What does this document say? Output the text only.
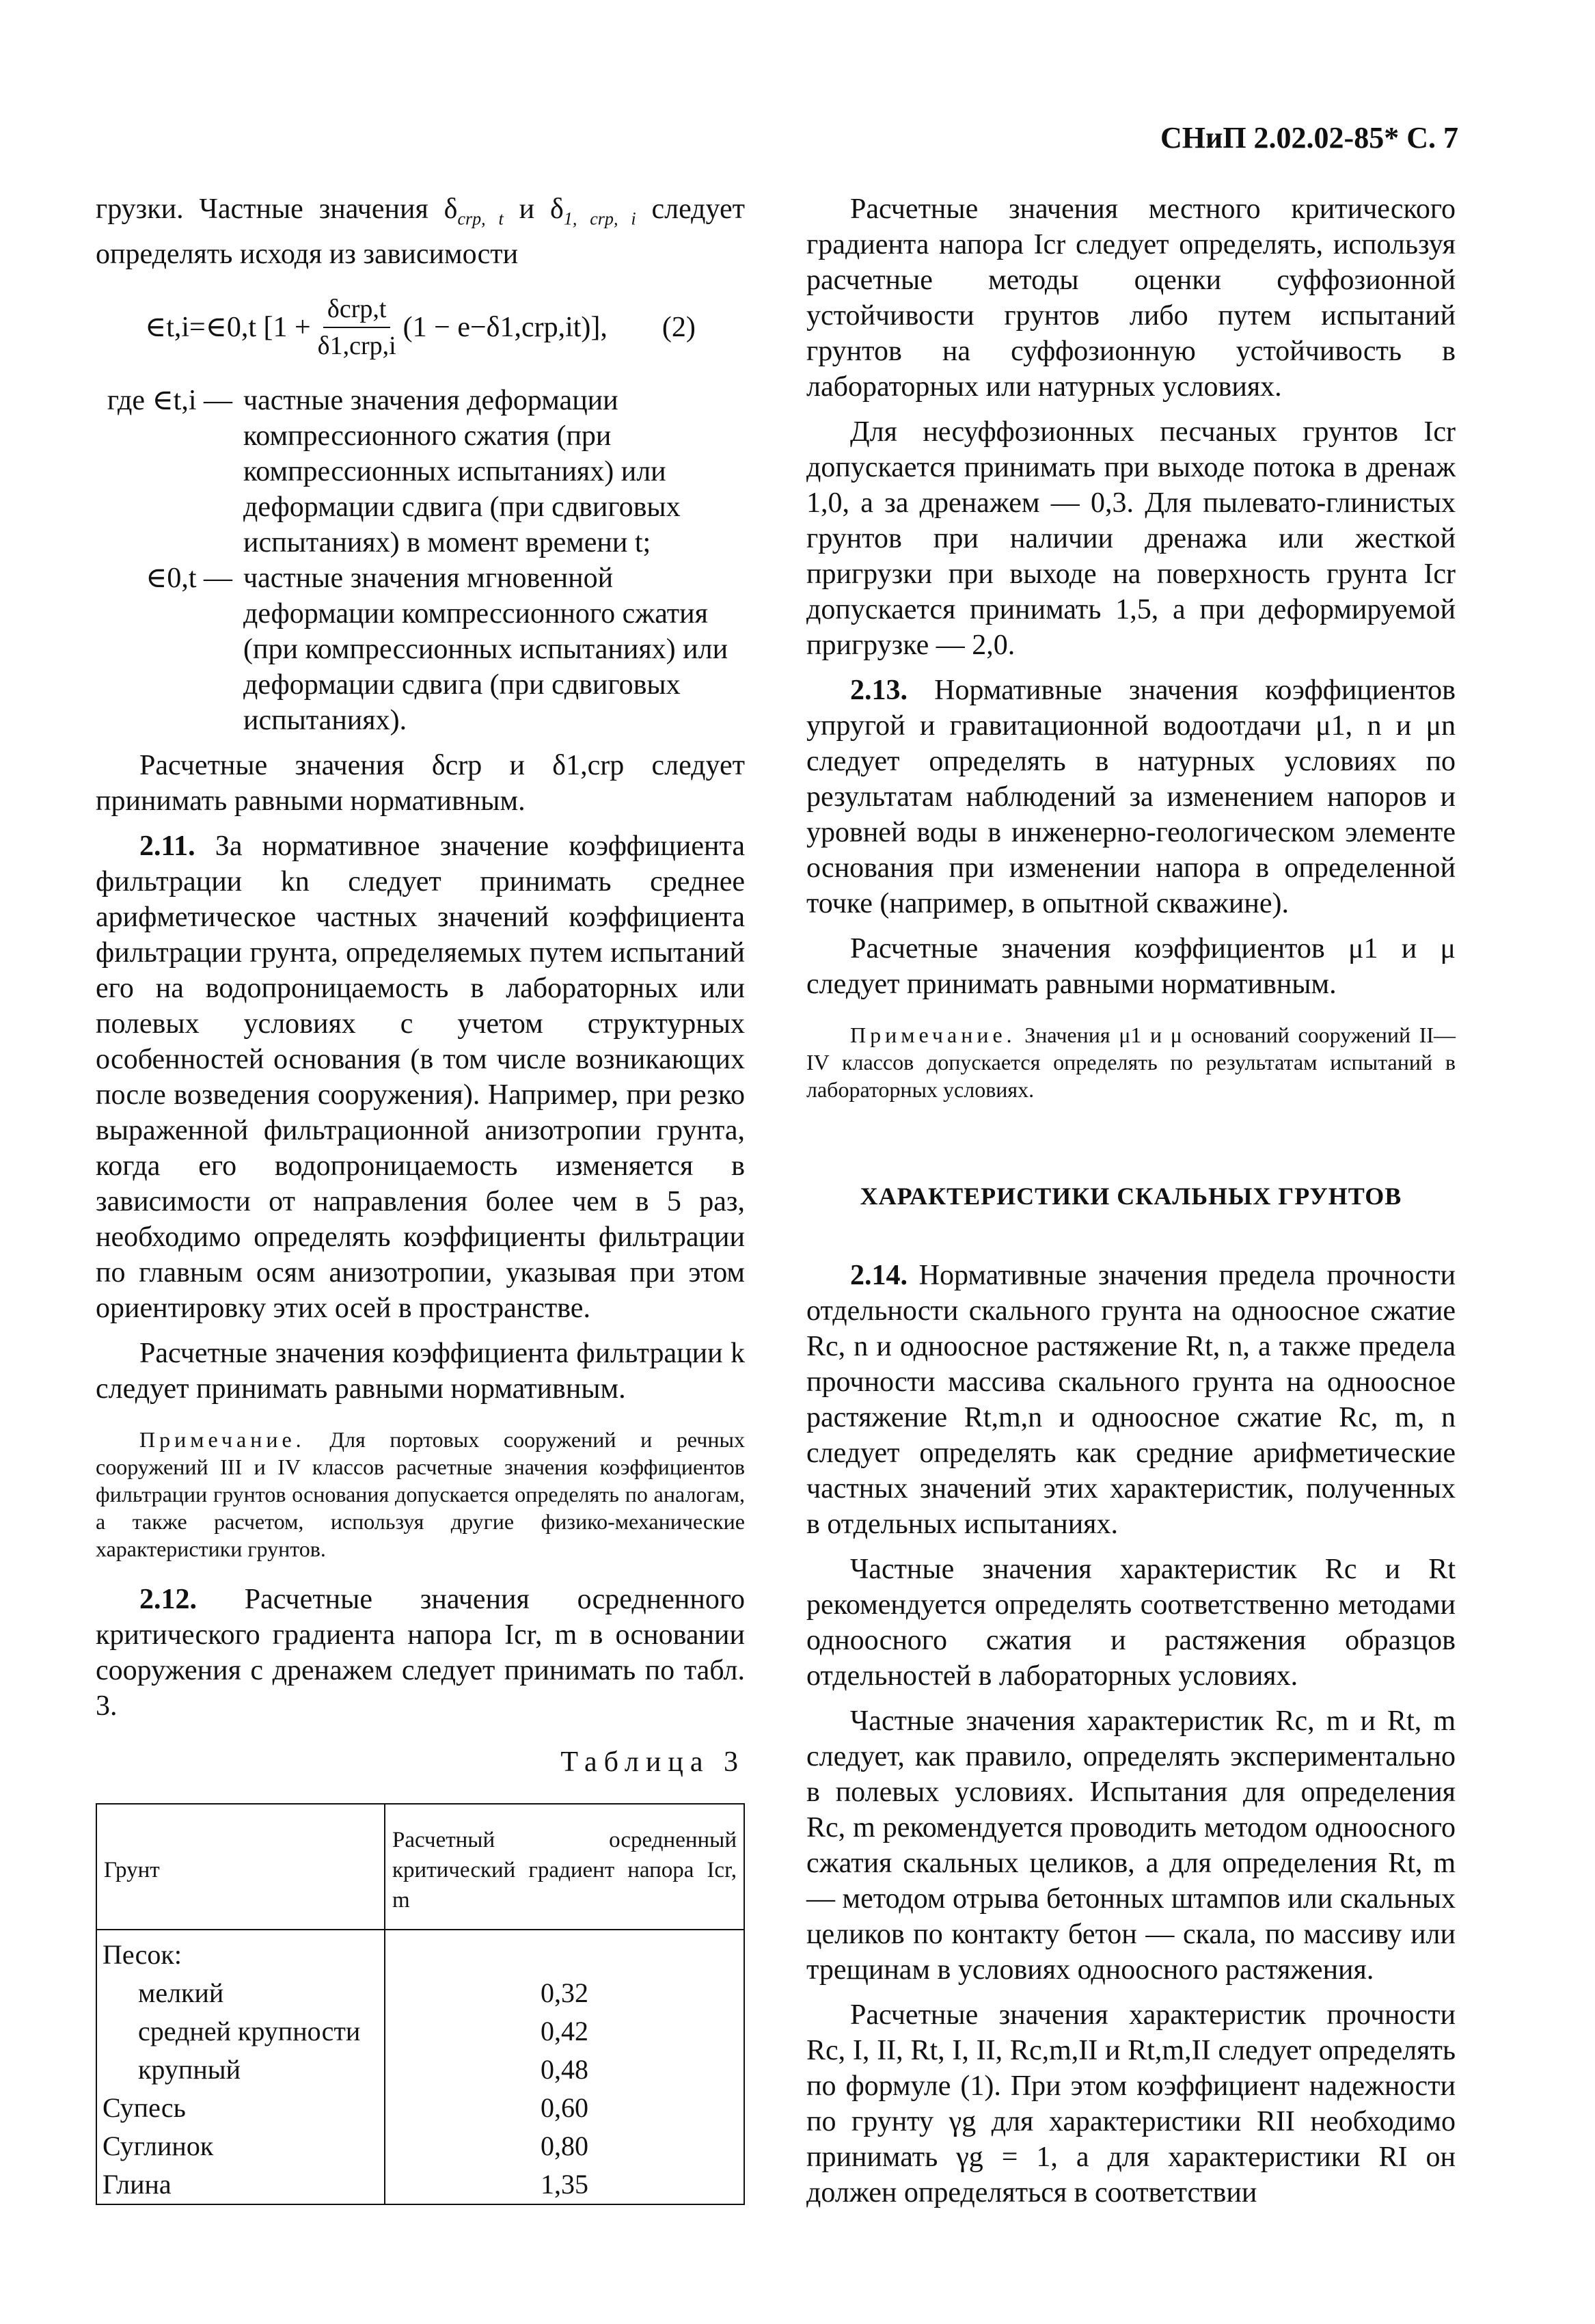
СНиП 2.02.02-85* С. 7

грузки. Частные значения $\delta_{crp, t}$ и $\delta_{1, crp, i}$ следует определять исходя из зависимости

∈t,i=∈0,t $[1 + \frac{\text{δcrp,t}}{\text{δ1,crp,i}} (1 - e-\delta 1,crp,it)]$, (2)
где ∈t,i — частные значения деформации компрессионного сжатия (при компрессионных испытаниях) или деформации сдвига (при сдвиговых испытаниях) в момент времени t;
∈0,t — частные значения мгновенной деформации компрессионного сжатия (при компрессионных испытаниях) или деформации сдвига (при сдвиговых испытаниях).

Расчетные значения δcrp и δ1,crp следует принимать равными нормативным.

2.11. За нормативное значение коэффициента фильтрации kn следует принимать среднее арифметическое частных значений коэффициента фильтрации грунта, определяемых путем испытаний его на водопроницаемость в лабораторных или полевых условиях с учетом структурных особенностей основания (в том числе возникающих после возведения сооружения). Например, при резко выраженной фильтрационной анизотропии грунта, когда его водопроницаемость изменяется в зависимости от направления более чем в 5 раз, необходимо определять коэффициенты фильтрации по главным осям анизотропии, указывая при этом ориентировку этих осей в пространстве.

Расчетные значения коэффициента фильтрации k следует принимать равными нормативным.

Примечание. Для портовых сооружений и речных сооружений III и IV классов расчетные значения коэффициентов фильтрации грунтов основания допускается определять по аналогам, а также расчетом, используя другие физико-механические характеристики грунтов.

2.12. Расчетные значения осредненного критического градиента напора Icr, m в основании сооружения с дренажем следует принимать по табл. 3.

Таблица 3
Грунт	Расчетный осредненный критический градиент напора Icr, m
Песок:	
мелкий	0,32
средней крупности	0,42
крупный	0,48
Супесь	0,60
Суглинок	0,80
Глина	1,35

Расчетные значения местного критического градиента напора Icr следует определять, используя расчетные методы оценки суффозионной устойчивости грунтов либо путем испытаний грунтов на суффозионную устойчивость в лабораторных или натурных условиях.

Для несуффозионных песчаных грунтов Icr допускается принимать при выходе потока в дренаж 1,0, а за дренажем — 0,3. Для пылевато-глинистых грунтов при наличии дренажа или жесткой пригрузки при выходе на поверхность грунта Icr допускается принимать 1,5, а при деформируемой пригрузке — 2,0.

2.13. Нормативные значения коэффициентов упругой и гравитационной водоотдачи μ1, n и μn следует определять в натурных условиях по результатам наблюдений за изменением напоров и уровней воды в инженерно-геологическом элементе основания при изменении напора в определенной точке (например, в опытной скважине).

Расчетные значения коэффициентов μ1 и μ следует принимать равными нормативным.

Примечание. Значения μ1 и μ оснований сооружений II—IV классов допускается определять по результатам испытаний в лабораторных условиях.

ХАРАКТЕРИСТИКИ СКАЛЬНЫХ ГРУНТОВ

2.14. Нормативные значения предела прочности отдельности скального грунта на одноосное сжатие Rc, n и одноосное растяжение Rt, n, а также предела прочности массива скального грунта на одноосное растяжение Rt,m,n и одноосное сжатие Rc, m, n следует определять как средние арифметические частных значений этих характеристик, полученных в отдельных испытаниях.

Частные значения характеристик Rc и Rt рекомендуется определять соответственно методами одноосного сжатия и растяжения образцов отдельностей в лабораторных условиях.

Частные значения характеристик Rc, m и Rt, m следует, как правило, определять экспериментально в полевых условиях. Испытания для определения Rc, m рекомендуется проводить методом одноосного сжатия скальных целиков, а для определения Rt, m — методом отрыва бетонных штампов или скальных целиков по контакту бетон — скала, по массиву или трещинам в условиях одноосного растяжения.

Расчетные значения характеристик прочности Rc, I, II, Rt, I, II, Rc,m,II и Rt,m,II следует определять по формуле (1). При этом коэффициент надежности по грунту γg для характеристики RII необходимо принимать γg = 1, а для характеристики RI он должен определяться в соответствии
